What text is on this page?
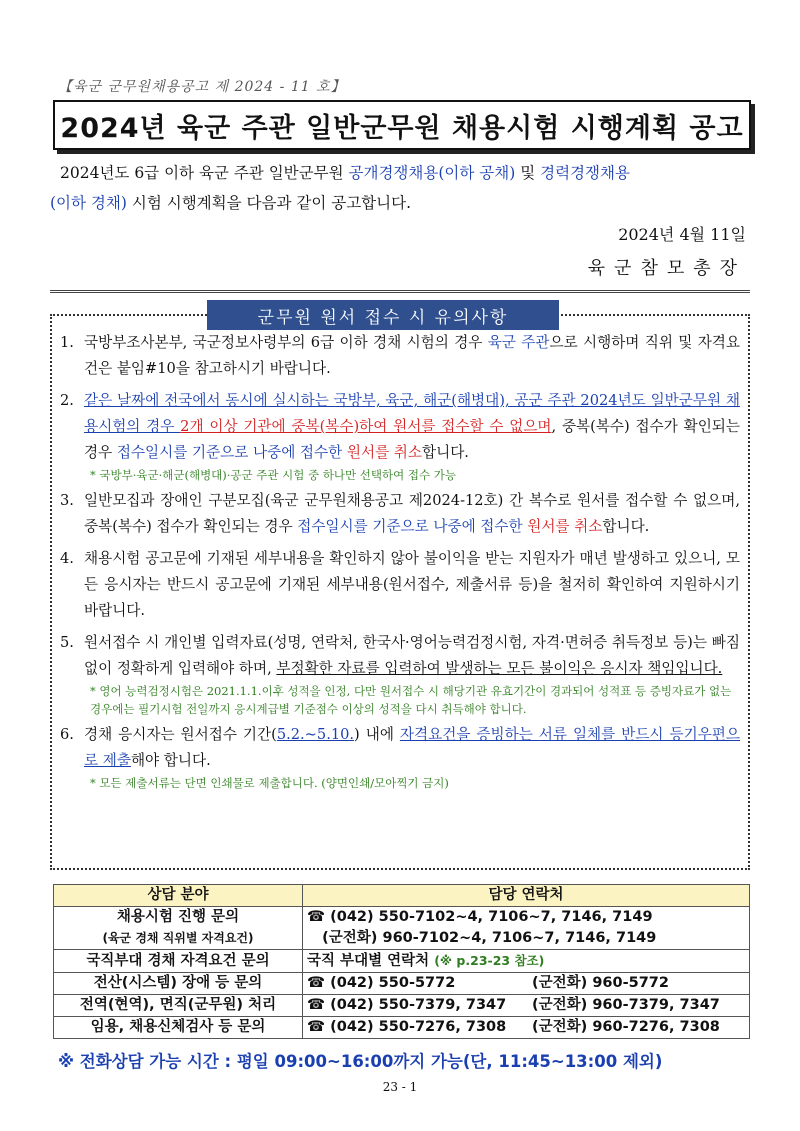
【육군 군무원채용공고 제 2024 - 11 호】
2024년 육군 주관 일반군무원 채용시험 시행계획 공고
2024년도 6급 이하 육군 주관 일반군무원 공개경쟁채용(이하 공채) 및 경력경쟁채용
(이하 경채) 시험 시행계획을 다음과 같이 공고합니다.
2024년 4월 11일
육군참모총장
군무원 원서 접수 시 유의사항
1. 국방부조사본부, 국군정보사령부의 6급 이하 경채 시험의 경우 육군 주관으로 시행하며 직위 및 자격요건은 붙임#10을 참고하시기 바랍니다.
2. 같은 날짜에 전국에서 동시에 실시하는 국방부, 육군, 해군(해병대), 공군 주관 2024년도 일반군무원 채용시험의 경우 2개 이상 기관에 중복(복수)하여 원서를 접수할 수 없으며, 중복(복수) 접수가 확인되는 경우 접수일시를 기준으로 나중에 접수한 원서를 취소합니다.
* 국방부·육군·해군(해병대)·공군 주관 시험 중 하나만 선택하여 접수 가능
3. 일반모집과 장애인 구분모집(육군 군무원채용공고 제2024-12호) 간 복수로 원서를 접수할 수 없으며, 중복(복수) 접수가 확인되는 경우 접수일시를 기준으로 나중에 접수한 원서를 취소합니다.
4. 채용시험 공고문에 기재된 세부내용을 확인하지 않아 불이익을 받는 지원자가 매년 발생하고 있으니, 모든 응시자는 반드시 공고문에 기재된 세부내용(원서접수, 제출서류 등)을 철저히 확인하여 지원하시기 바랍니다.
5. 원서접수 시 개인별 입력자료(성명, 연락처, 한국사·영어능력검정시험, 자격·면허증 취득정보 등)는 빠짐없이 정확하게 입력해야 하며, 부정확한 자료를 입력하여 발생하는 모든 불이익은 응시자 책임입니다.
* 영어 능력검정시험은 2021.1.1.이후 성적을 인정, 다만 원서접수 시 해당기관 유효기간이 경과되어 성적표 등 증빙자료가 없는 경우에는 필기시험 전일까지 응시계급별 기준점수 이상의 성적을 다시 취득해야 합니다.
6. 경채 응시자는 원서접수 기간(5.2.~5.10.) 내에 자격요건을 증빙하는 서류 일체를 반드시 등기우편으로 제출해야 합니다.
* 모든 제출서류는 단면 인쇄물로 제출합니다. (양면인쇄/모아찍기 금지)
상담 분야	담당 연락처
채용시험 진행 문의
(육군 경채 직위별 자격요건)	☎ (042) 550-7102~4, 7106~7, 7146, 7149
(군전화) 960-7102~4, 7106~7, 7146, 7149
국직부대 경채 자격요건 문의	국직 부대별 연락처 (※ p.23-23 참조)
전산(시스템) 장애 등 문의	☎ (042) 550-5772 (군전화) 960-5772
전역(현역), 면직(군무원) 처리	☎ (042) 550-7379, 7347 (군전화) 960-7379, 7347
임용, 채용신체검사 등 문의	☎ (042) 550-7276, 7308 (군전화) 960-7276, 7308
※ 전화상담 가능 시간 : 평일 09:00~16:00까지 가능(단, 11:45~13:00 제외)
23 - 1
